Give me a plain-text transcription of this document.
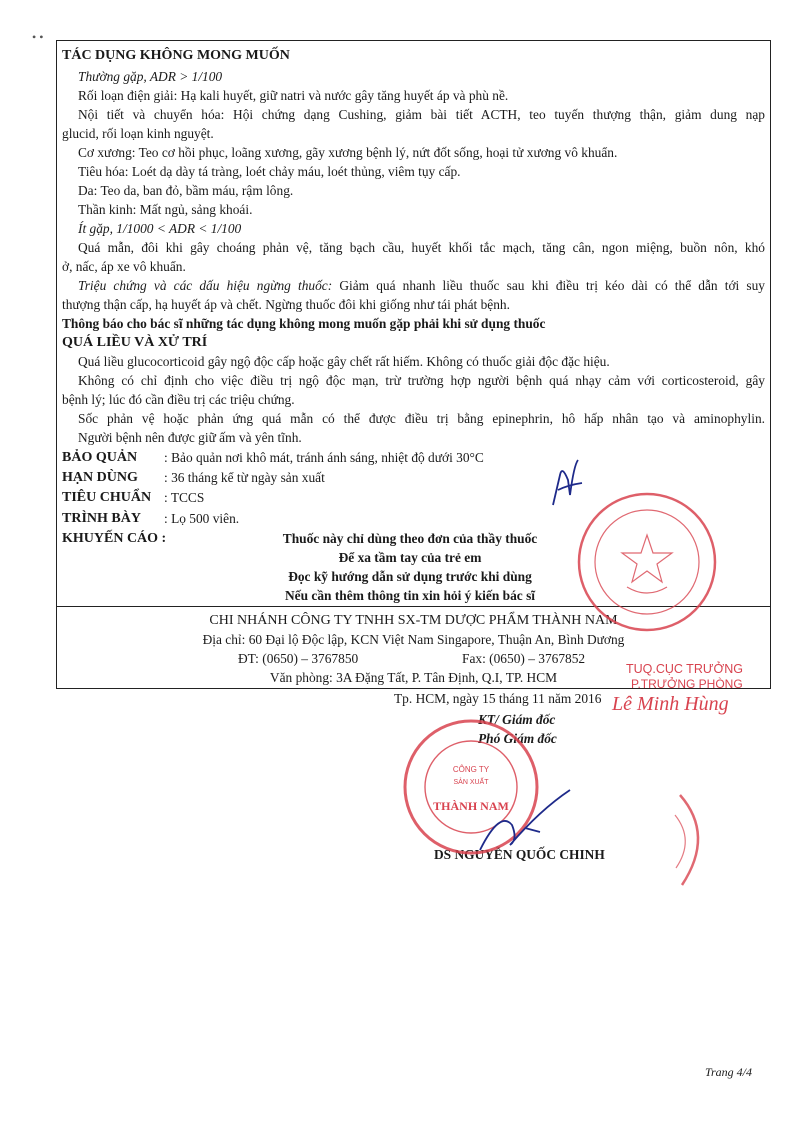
• •
TÁC DỤNG KHÔNG MONG MUỐN
Thường gặp, ADR > 1/100
Rối loạn điện giải: Hạ kali huyết, giữ natri và nước gây tăng huyết áp và phù nề.
Nội tiết và chuyển hóa: Hội chứng dạng Cushing, giảm bài tiết ACTH, teo tuyến thượng thận, giảm dung nạp
glucid, rối loạn kinh nguyệt.
Cơ xương: Teo cơ hồi phục, loãng xương, gãy xương bệnh lý, nứt đốt sống, hoại tử xương vô khuẩn.
Tiêu hóa: Loét dạ dày tá tràng, loét chảy máu, loét thủng, viêm tụy cấp.
Da: Teo da, ban đỏ, bầm máu, rậm lông.
Thần kinh: Mất ngủ, sảng khoái.
Ít gặp, 1/1000 < ADR < 1/100
Quá mẫn, đôi khi gây choáng phản vệ, tăng bạch cầu, huyết khối tắc mạch, tăng cân, ngon miệng, buồn nôn, khó
ở, nấc, áp xe vô khuẩn.
Triệu chứng và các dấu hiệu ngừng thuốc: Giảm quá nhanh liều thuốc sau khi điều trị kéo dài có thể dẫn tới suy
thượng thận cấp, hạ huyết áp và chết. Ngừng thuốc đôi khi giống như tái phát bệnh.
Thông báo cho bác sĩ những tác dụng không mong muốn gặp phải khi sử dụng thuốc
QUÁ LIỀU VÀ XỬ TRÍ
Quá liều glucocorticoid gây ngộ độc cấp hoặc gây chết rất hiếm. Không có thuốc giải độc đặc hiệu.
Không có chỉ định cho việc điều trị ngộ độc mạn, trừ trường hợp người bệnh quá nhạy cảm với corticosteroid, gây
bệnh lý; lúc đó cần điều trị các triệu chứng.
Sốc phản vệ hoặc phản ứng quá mẫn có thể được điều trị bằng epinephrin, hô hấp nhân tạo và aminophylin.
Người bệnh nên được giữ ấm và yên tĩnh.
BẢO QUẢN : Bảo quản nơi khô mát, tránh ánh sáng, nhiệt độ dưới 30°C
HẠN DÙNG : 36 tháng kể từ ngày sản xuất
TIÊU CHUẨN : TCCS
TRÌNH BÀY : Lọ 500 viên.
KHUYẾN CÁO :	Thuốc này chỉ dùng theo đơn của thầy thuốc
Để xa tầm tay của trẻ em
Đọc kỹ hướng dẫn sử dụng trước khi dùng
Nếu cần thêm thông tin xin hỏi ý kiến bác sĩ
CHI NHÁNH CÔNG TY TNHH SX-TM DƯỢC PHẨM THÀNH NAM
Địa chỉ: 60 Đại lộ Độc lập, KCN Việt Nam Singapore, Thuận An, Bình Dương
ĐT: (0650) – 3767850	Fax: (0650) – 3767852
Văn phòng: 3A Đặng Tất, P. Tân Định, Q.I, TP. HCM
Tp. HCM, ngày 15 tháng 11 năm 2016
KT/ Giám đốc
Phó Giám đốc
DS NGUYỄN QUỐC CHINH
TUQ.CỤC TRƯỞNG
P.TRƯỞNG PHÒNG
Lê Minh Hùng
CÔNG TY
SẢN XUẤT
THÀNH NAM
Trang 4/4
